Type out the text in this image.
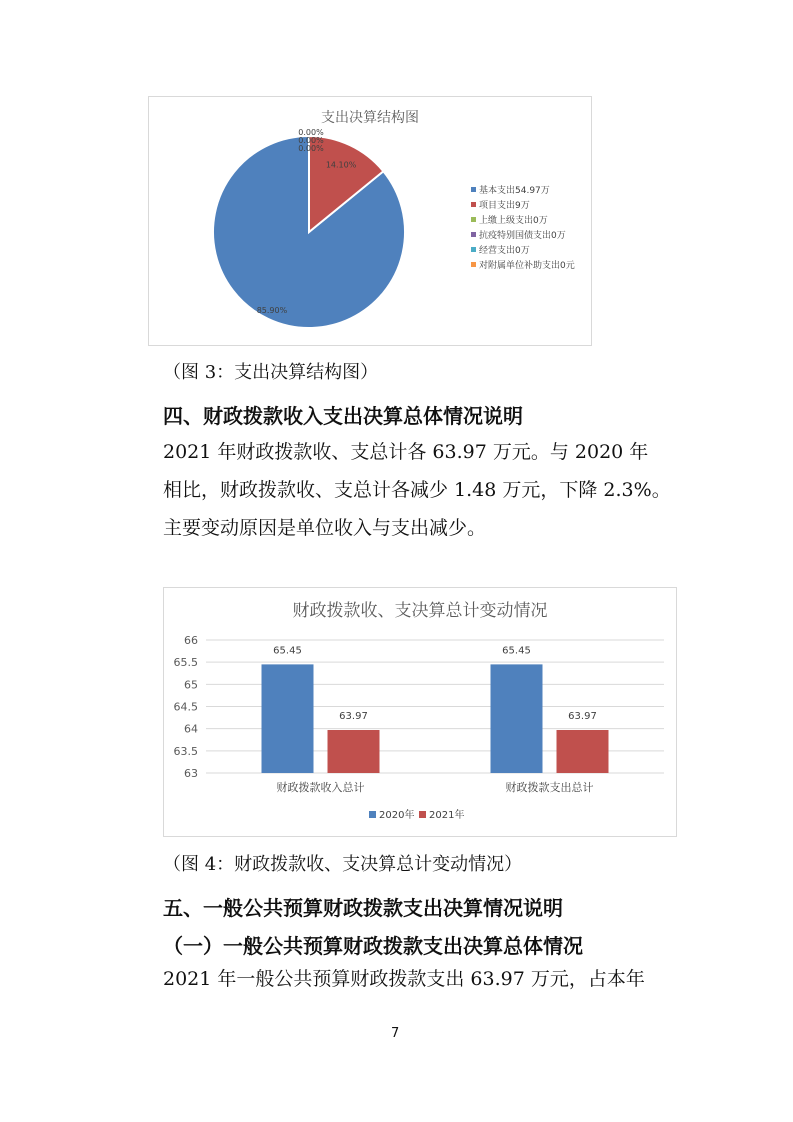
支出决算结构图
85.90%
14.10%
0.00%
0.00%
0.00%
基本支出54.97万
项目支出9万
上缴上级支出0万
抗疫特别国债支出0万
经营支出0万
对附属单位补助支出0元
财政拨款收、支决算总计变动情况
63
63.5
64
64.5
65
65.5
66
65.45
63.97
财政拨款收入总计
65.45
63.97
财政拨款支出总计
2020年 2021年
（图 3：支出决算结构图）
四、财政拨款收入支出决算总体情况说明
2021 年财政拨款收、支总计各 63.97 万元。与 2020 年
相比，财政拨款收、支总计各减少 1.48 万元，下降 2.3%。
主要变动原因是单位收入与支出减少。
（图 4：财政拨款收、支决算总计变动情况）
五、一般公共预算财政拨款支出决算情况说明
（一）一般公共预算财政拨款支出决算总体情况
2021 年一般公共预算财政拨款支出 63.97 万元，占本年
7
